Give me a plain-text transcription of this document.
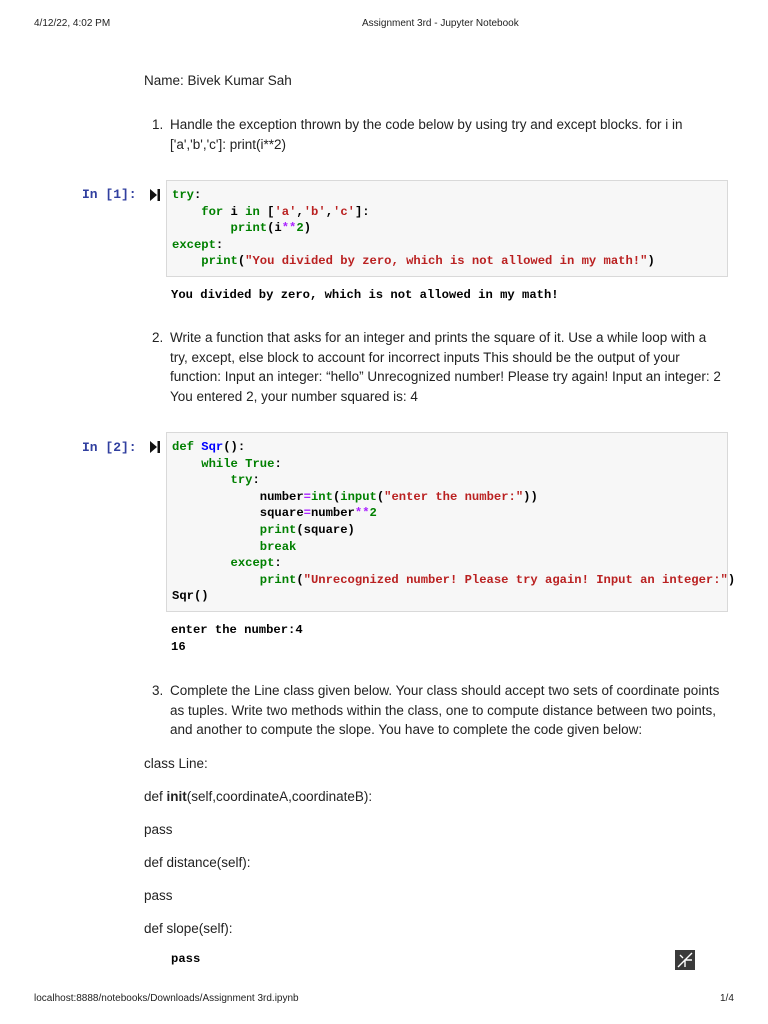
4/12/22, 4:02 PM	Assignment 3rd - Jupyter Notebook
Name: Bivek Kumar Sah
1. Handle the exception thrown by the code below by using try and except blocks. for i in ['a','b','c']: print(i**2)
In [1]:	try:
for i in ['a','b','c']:
print(i**2)
except:
print("You divided by zero, which is not allowed in my math!")
You divided by zero, which is not allowed in my math!
2. Write a function that asks for an integer and prints the square of it. Use a while loop with a try, except, else block to account for incorrect inputs This should be the output of your function: Input an integer: “hello” Unrecognized number! Please try again! Input an integer: 2 You entered 2, your number squared is: 4
In [2]:	def Sqr():
while True:
try:
number=int(input("enter the number:"))
square=number**2
print(square)
break
except:
print("Unrecognized number! Please try again! Input an integer:")
Sqr()
enter the number:4
16
3. Complete the Line class given below. Your class should accept two sets of coordinate points as tuples. Write two methods within the class, one to compute distance between two points, and another to compute the slope. You have to complete the code given below:
class Line:
def init(self,coordinateA,coordinateB):
pass
def distance(self):
pass
def slope(self):
pass
localhost:8888/notebooks/Downloads/Assignment 3rd.ipynb	1/4
